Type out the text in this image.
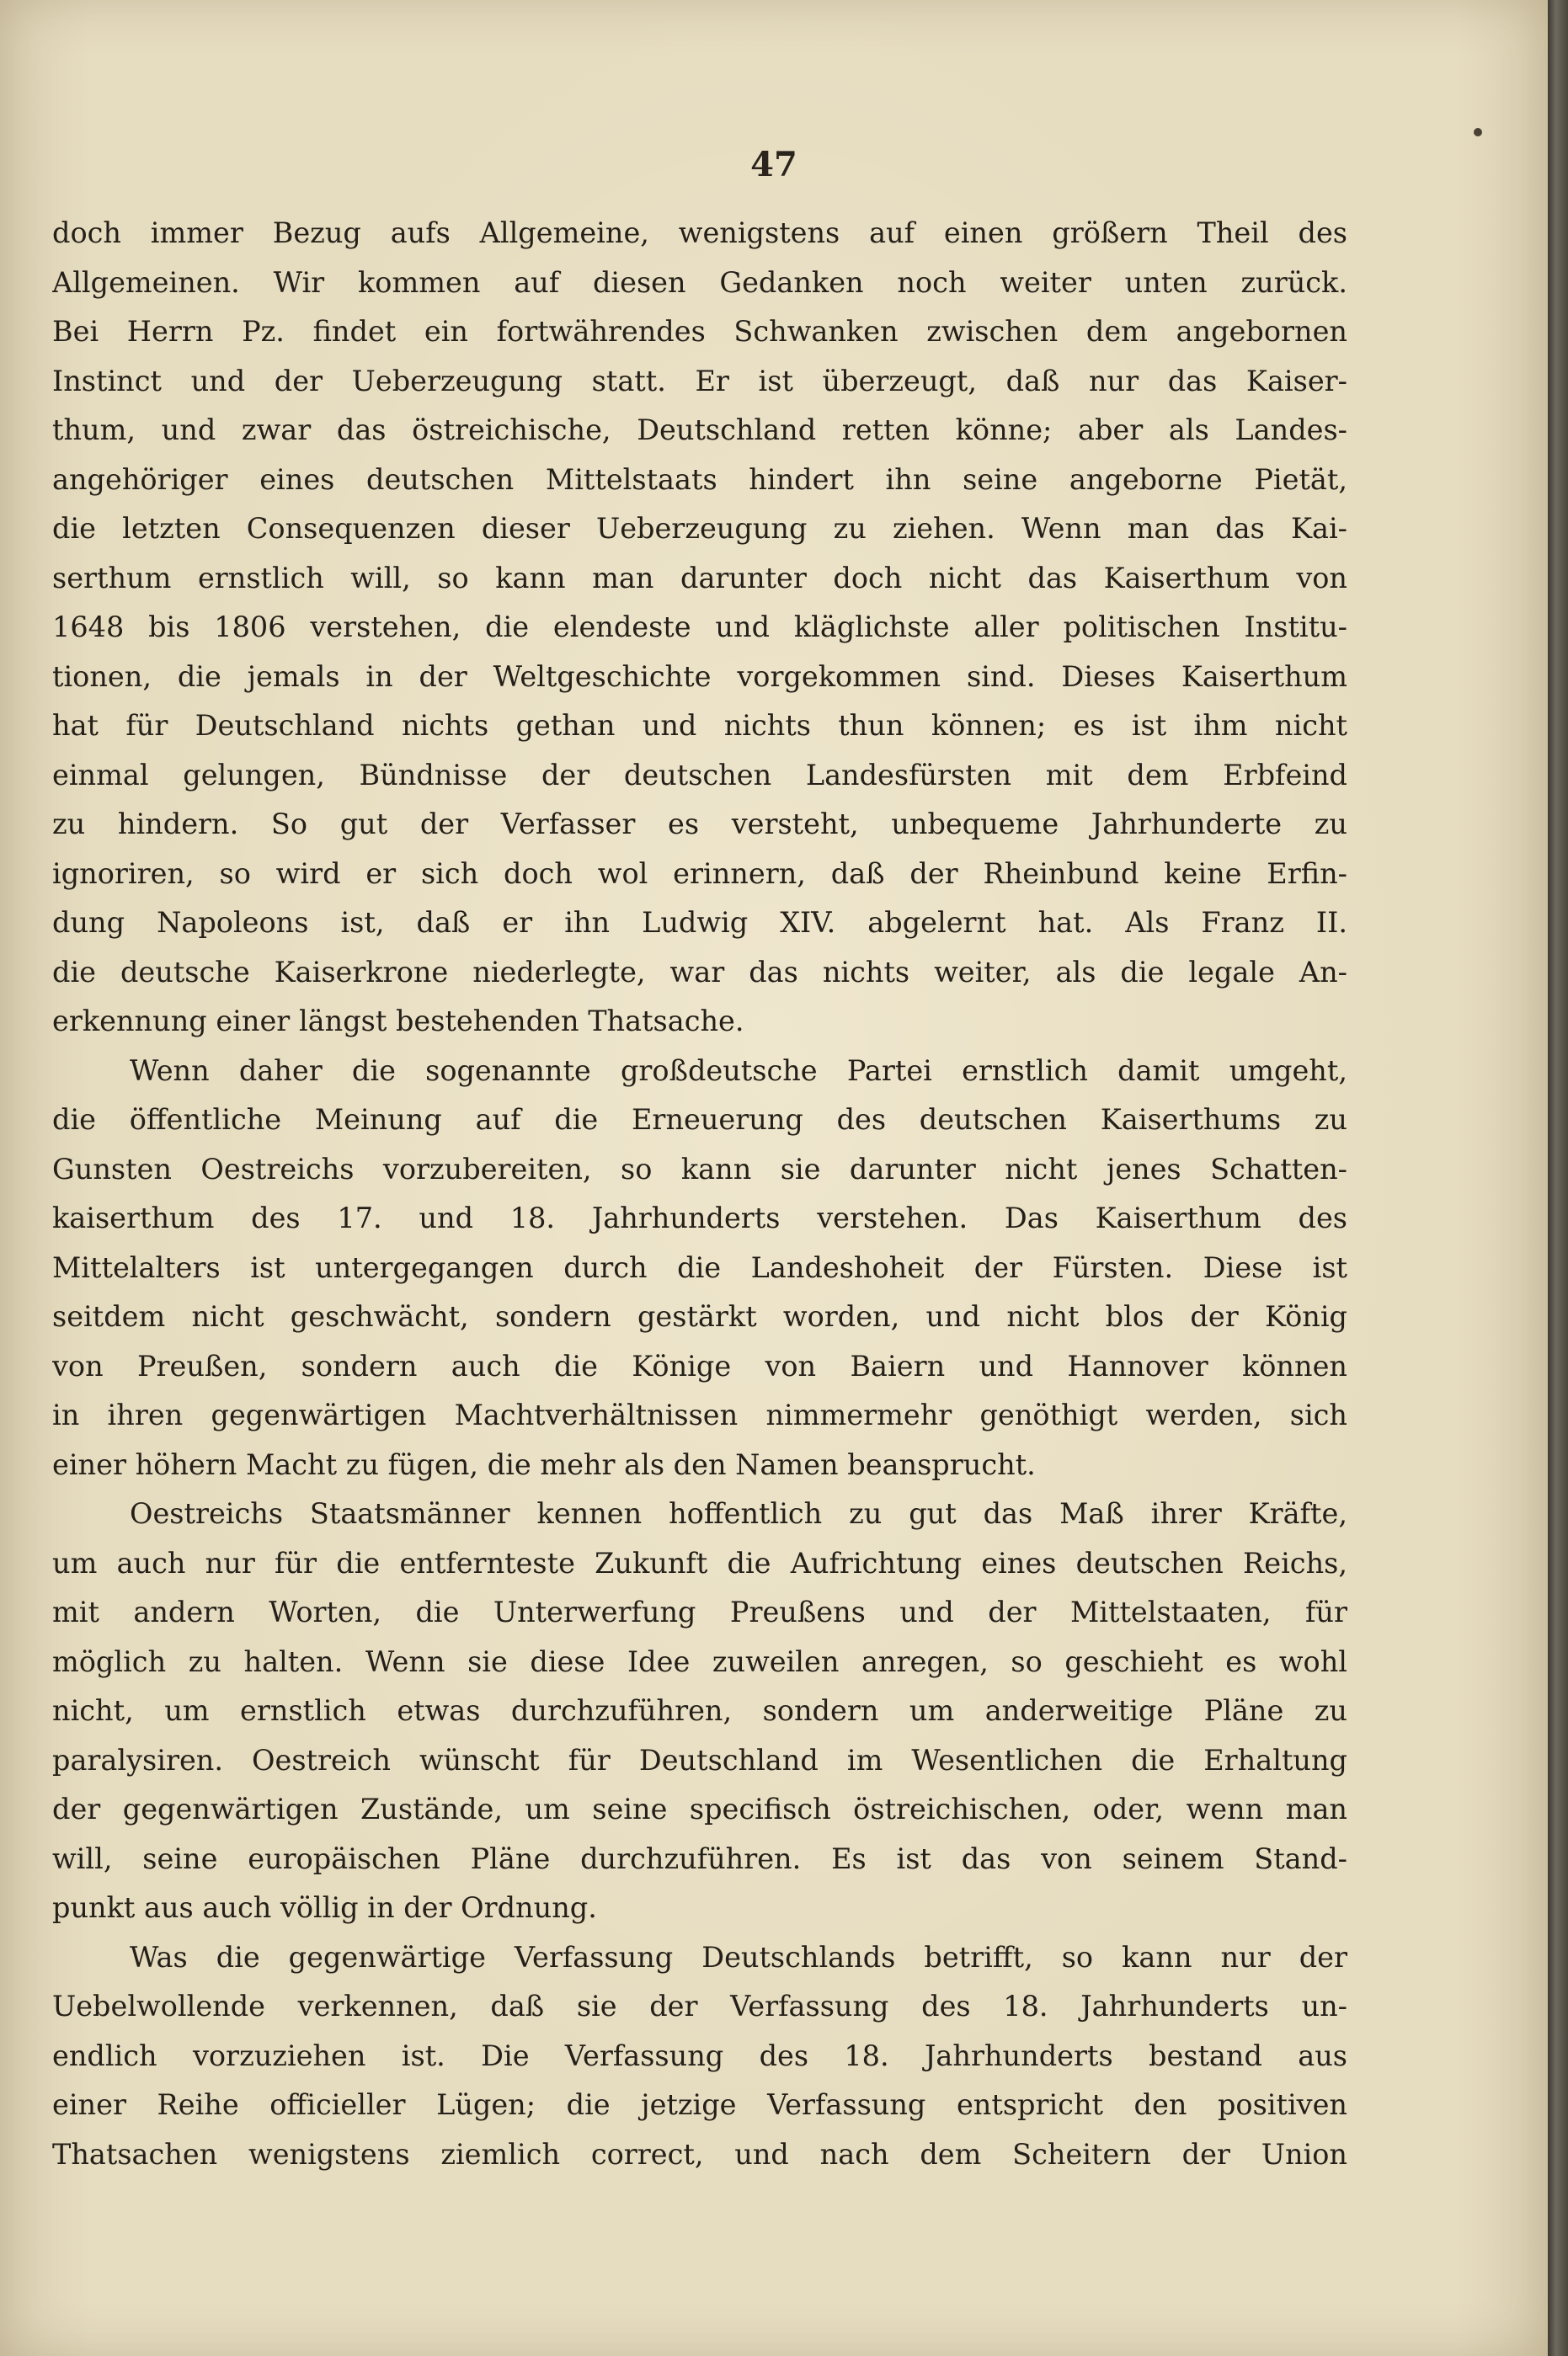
47
doch immer Bezug aufs Allgemeine, wenigstens auf einen größern Theil des
Allgemeinen. Wir kommen auf diesen Gedanken noch weiter unten zurück.
Bei Herrn Pz. findet ein fortwährendes Schwanken zwischen dem angebornen
Instinct und der Ueberzeugung statt. Er ist überzeugt, daß nur das Kaiser-
thum, und zwar das östreichische, Deutschland retten könne; aber als Landes-
angehöriger eines deutschen Mittelstaats hindert ihn seine angeborne Pietät,
die letzten Consequenzen dieser Ueberzeugung zu ziehen. Wenn man das Kai-
serthum ernstlich will, so kann man darunter doch nicht das Kaiserthum von
1648 bis 1806 verstehen, die elendeste und kläglichste aller politischen Institu-
tionen, die jemals in der Weltgeschichte vorgekommen sind. Dieses Kaiserthum
hat für Deutschland nichts gethan und nichts thun können; es ist ihm nicht
einmal gelungen, Bündnisse der deutschen Landesfürsten mit dem Erbfeind
zu hindern. So gut der Verfasser es versteht, unbequeme Jahrhunderte zu
ignoriren, so wird er sich doch wol erinnern, daß der Rheinbund keine Erfin-
dung Napoleons ist, daß er ihn Ludwig XIV. abgelernt hat. Als Franz II.
die deutsche Kaiserkrone niederlegte, war das nichts weiter, als die legale An-
erkennung einer längst bestehenden Thatsache.
Wenn daher die sogenannte großdeutsche Partei ernstlich damit umgeht,
die öffentliche Meinung auf die Erneuerung des deutschen Kaiserthums zu
Gunsten Oestreichs vorzubereiten, so kann sie darunter nicht jenes Schatten-
kaiserthum des 17. und 18. Jahrhunderts verstehen. Das Kaiserthum des
Mittelalters ist untergegangen durch die Landeshoheit der Fürsten. Diese ist
seitdem nicht geschwächt, sondern gestärkt worden, und nicht blos der König
von Preußen, sondern auch die Könige von Baiern und Hannover können
in ihren gegenwärtigen Machtverhältnissen nimmermehr genöthigt werden, sich
einer höhern Macht zu fügen, die mehr als den Namen beansprucht.
Oestreichs Staatsmänner kennen hoffentlich zu gut das Maß ihrer Kräfte,
um auch nur für die entfernteste Zukunft die Aufrichtung eines deutschen Reichs,
mit andern Worten, die Unterwerfung Preußens und der Mittelstaaten, für
möglich zu halten. Wenn sie diese Idee zuweilen anregen, so geschieht es wohl
nicht, um ernstlich etwas durchzuführen, sondern um anderweitige Pläne zu
paralysiren. Oestreich wünscht für Deutschland im Wesentlichen die Erhaltung
der gegenwärtigen Zustände, um seine specifisch östreichischen, oder, wenn man
will, seine europäischen Pläne durchzuführen. Es ist das von seinem Stand-
punkt aus auch völlig in der Ordnung.
Was die gegenwärtige Verfassung Deutschlands betrifft, so kann nur der
Uebelwollende verkennen, daß sie der Verfassung des 18. Jahrhunderts un-
endlich vorzuziehen ist. Die Verfassung des 18. Jahrhunderts bestand aus
einer Reihe officieller Lügen; die jetzige Verfassung entspricht den positiven
Thatsachen wenigstens ziemlich correct, und nach dem Scheitern der Union
